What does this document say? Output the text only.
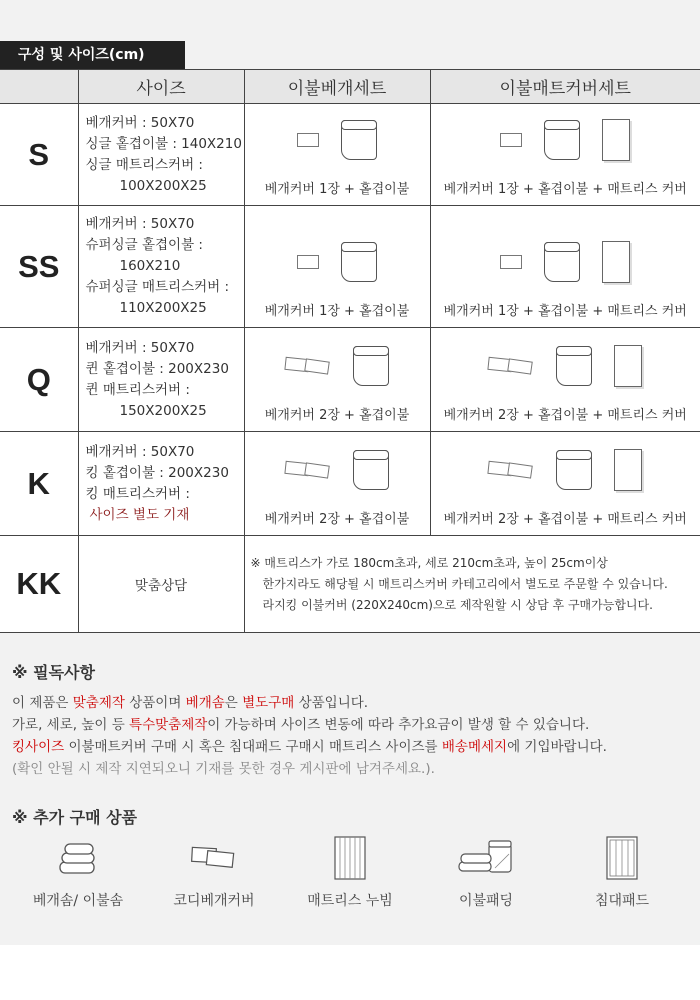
구성 및 사이즈(cm)
	사이즈	이불베개세트	이불매트커버세트
S	베개커버 : 50X70
싱글 홑겹이불 : 140X210
싱글 매트리스커버 :
100X200X25	베개커버 1장 + 홑겹이불	베개커버 1장 + 홑겹이불 + 매트리스 커버

SS	베개커버 : 50X70
슈퍼싱글 홑겹이불 :
160X210
슈퍼싱글 매트리스커버 :
110X200X25	베개커버 1장 + 홑겹이불	베개커버 1장 + 홑겹이불 + 매트리스 커버

Q	베개커버 : 50X70
퀸 홑겹이불 : 200X230
퀸 매트리스커버 :
150X200X25	베개커버 2장 + 홑겹이불	베개커버 2장 + 홑겹이불 + 매트리스 커버

K	베개커버 : 50X70
킹 홑겹이불 : 200X230
킹 매트리스커버 :
사이즈 별도 기재	베개커버 2장 + 홑겹이불	베개커버 2장 + 홑겹이불 + 매트리스 커버

KK	맞춤상담	※ 매트리스가 가로 180cm초과, 세로 210cm초과, 높이 25cm이상
한가지라도 해당될 시 매트리스커버 카테고리에서 별도로 주문할 수 있습니다.
라지킹 이불커버 (220X240cm)으로 제작원할 시 상담 후 구매가능합니다.	
※ 필독사항
이 제품은 맞춤제작 상품이며 베개솜은 별도구매 상품입니다.
가로, 세로, 높이 등 특수맞춤제작이 가능하며 사이즈 변동에 따라 추가요금이 발생 할 수 있습니다.
킹사이즈 이불매트커버 구매 시 혹은 침대패드 구매시 매트리스 사이즈를 배송메세지에 기입바랍니다.
(확인 안될 시 제작 지연되오니 기재를 못한 경우 게시판에 남겨주세요.).
※ 추가 구매 상품
베개솜/ 이불솜	코디베개커버	매트리스 누빔	이불패딩	침대패드
